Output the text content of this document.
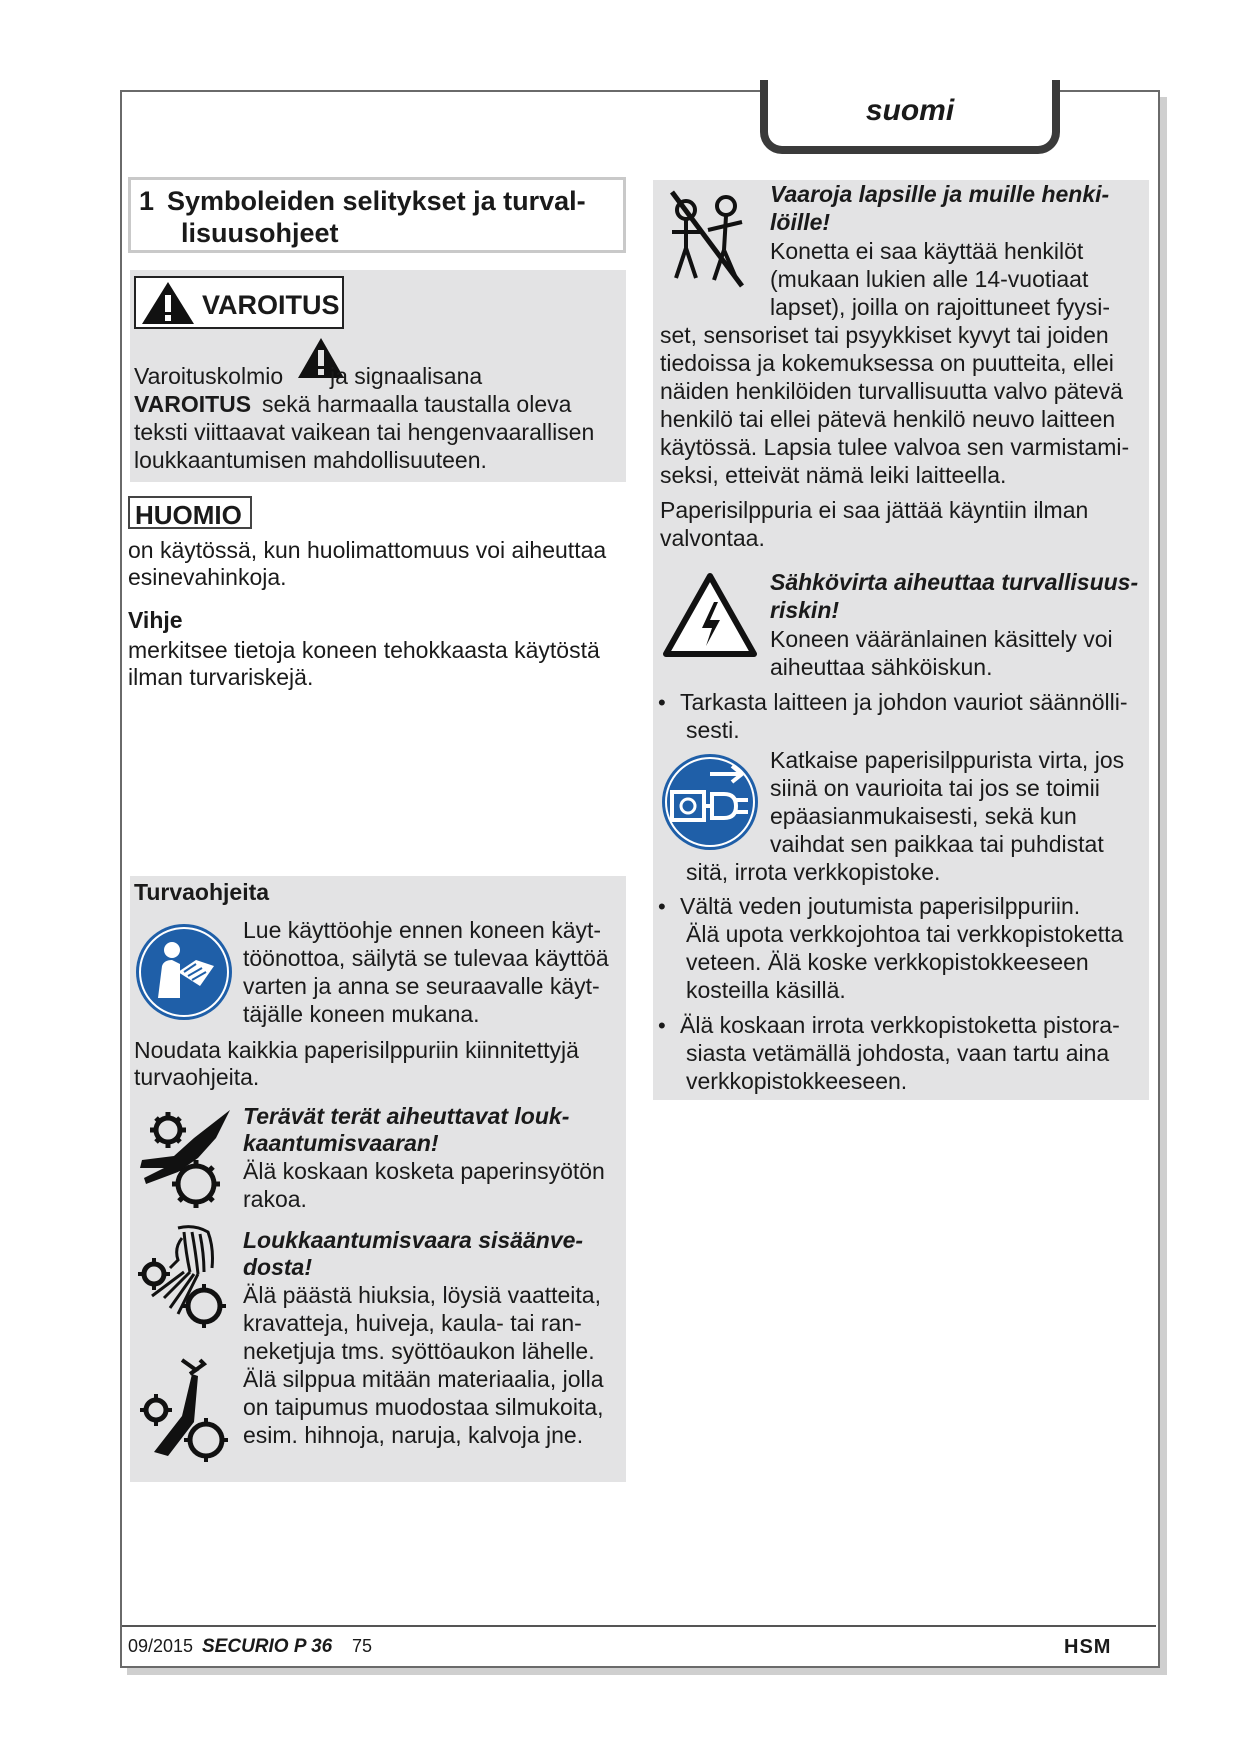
suomi
1 Symboleiden selitykset ja turval-
lisuusohjeet
VAROITUS
Varoituskolmio ja signaalisana
VAROITUS sekä harmaalla taustalla oleva
teksti viittaavat vaikean tai hengenvaarallisen
loukkaantumisen mahdollisuuteen.
HUOMIO
on käytössä, kun huolimattomuus voi aiheuttaa
esinevahinkoja.
Vihje
merkitsee tietoja koneen tehokkaasta käytöstä
ilman turvariskejä.
Turvaohjeita
Lue käyttöohje ennen koneen käyt-
töönottoa, säilytä se tulevaa käyttöä
varten ja anna se seuraavalle käyt-
täjälle koneen mukana.
Noudata kaikkia paperisilppuriin kiinnitettyjä
turvaohjeita.
Terävät terät aiheuttavat louk-
kaantumisvaaran!
Älä koskaan kosketa paperinsyötön
rakoa.
Loukkaantumisvaara sisäänve-
dosta!
Älä päästä hiuksia, löysiä vaatteita,
kravatteja, huiveja, kaula- tai ran-
neketjuja tms. syöttöaukon lähelle.
Älä silppua mitään materiaalia, jolla
on taipumus muodostaa silmukoita,
esim. hihnoja, naruja, kalvoja jne.
Vaaroja lapsille ja muille henki-
löille!
Konetta ei saa käyttää henkilöt
(mukaan lukien alle 14-vuotiaat
lapset), joilla on rajoittuneet fyysi-
set, sensoriset tai psyykkiset kyvyt tai joiden
tiedoissa ja kokemuksessa on puutteita, ellei
näiden henkilöiden turvallisuutta valvo pätevä
henkilö tai ellei pätevä henkilö neuvo laitteen
käytössä. Lapsia tulee valvoa sen varmistami-
seksi, etteivät nämä leiki laitteella.
Paperisilppuria ei saa jättää käyntiin ilman
valvontaa.
Sähkövirta aiheuttaa turvallisuus-
riskin!
Koneen vääränlainen käsittely voi
aiheuttaa sähköiskun.
• Tarkasta laitteen ja johdon vauriot säännölli-
sesti.
Katkaise paperisilppurista virta, jos
siinä on vaurioita tai jos se toimii
epäasianmukaisesti, sekä kun
vaihdat sen paikkaa tai puhdistat
sitä, irrota verkkopistoke.
• Vältä veden joutumista paperisilppuriin.
Älä upota verkkojohtoa tai verkkopistoketta
veteen. Älä koske verkkopistokkeeseen
kosteilla käsillä.
• Älä koskaan irrota verkkopistoketta pistora-
siasta vetämällä johdosta, vaan tartu aina
verkkopistokkeeseen.
09/2015 SECURIO P 36 75	HSM
